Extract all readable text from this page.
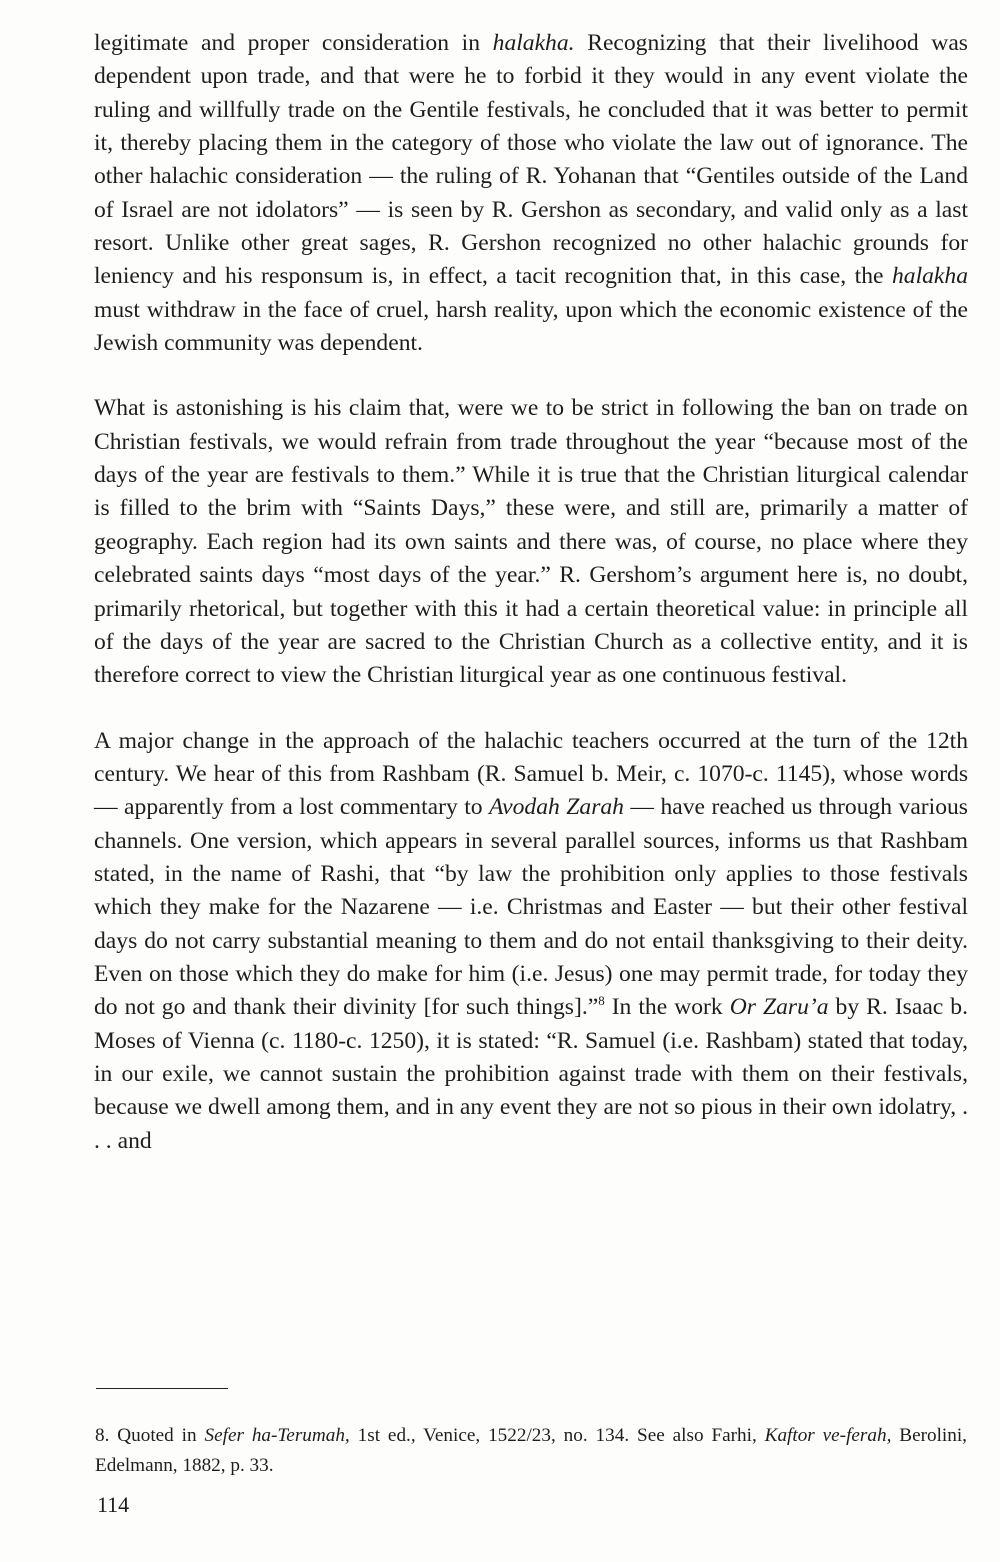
legitimate and proper consideration in halakha. Recognizing that their livelihood was dependent upon trade, and that were he to forbid it they would in any event violate the ruling and willfully trade on the Gentile festivals, he concluded that it was better to permit it, thereby placing them in the category of those who violate the law out of ignorance. The other halachic consideration — the ruling of R. Yohanan that “Gentiles outside of the Land of Israel are not idolators” — is seen by R. Gershon as secondary, and valid only as a last resort. Unlike other great sages, R. Gershon recognized no other halachic grounds for leniency and his responsum is, in effect, a tacit recognition that, in this case, the halakha must withdraw in the face of cruel, harsh reality, upon which the economic existence of the Jewish community was dependent.

What is astonishing is his claim that, were we to be strict in following the ban on trade on Christian festivals, we would refrain from trade throughout the year “because most of the days of the year are festivals to them.” While it is true that the Christian liturgical calendar is filled to the brim with “Saints Days,” these were, and still are, primarily a matter of geography. Each region had its own saints and there was, of course, no place where they celebrated saints days “most days of the year.” R. Gershom’s argument here is, no doubt, primarily rhetorical, but together with this it had a certain theoretical value: in principle all of the days of the year are sacred to the Christian Church as a collective entity, and it is therefore correct to view the Christian liturgical year as one continuous festival.

A major change in the approach of the halachic teachers occurred at the turn of the 12th century. We hear of this from Rashbam (R. Samuel b. Meir, c. 1070-c. 1145), whose words — apparently from a lost commentary to Avodah Zarah — have reached us through various channels. One version, which appears in several parallel sources, informs us that Rashbam stated, in the name of Rashi, that “by law the prohibition only applies to those festivals which they make for the Nazarene — i.e. Christmas and Easter — but their other festival days do not carry substantial meaning to them and do not entail thanksgiving to their deity. Even on those which they do make for him (i.e. Jesus) one may permit trade, for today they do not go and thank their divinity [for such things].”$^8$ In the work Or Zaru’a by R. Isaac b. Moses of Vienna (c. 1180-c. 1250), it is stated: “R. Samuel (i.e. Rashbam) stated that today, in our exile, we cannot sustain the prohibition against trade with them on their festivals, because we dwell among them, and in any event they are not so pious in their own idolatry, . . . and

8. Quoted in Sefer ha-Terumah, 1st ed., Venice, 1522/23, no. 134. See also Farhi, Kaftor ve-ferah, Berolini, Edelmann, 1882, p. 33.

114
